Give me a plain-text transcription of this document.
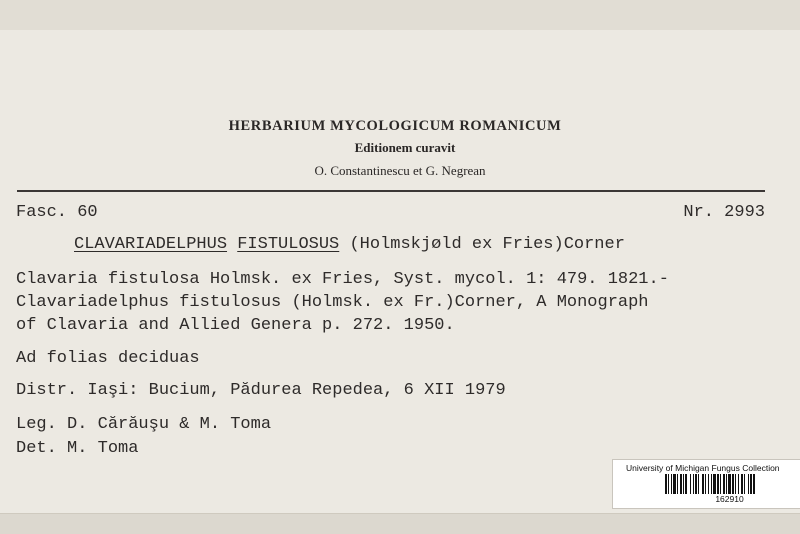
HERBARIUM MYCOLOGICUM ROMANICUM
Editionem curavit
O. Constantinescu et G. Negrean
Fasc. 60	Nr. 2993
CLAVARIADELPHUS FISTULOSUS (Holmskjøld ex Fries)Corner
Clavaria fistulosa Holmsk. ex Fries, Syst. mycol. 1: 479. 1821.-
Clavariadelphus fistulosus (Holmsk. ex Fr.)Corner, A Monograph
of Clavaria and Allied Genera p. 272. 1950.
Ad folias deciduas
Distr. Iaşi: Bucium, Pădurea Repedea, 6 XII 1979
Leg. D. Cărăuşu & M. Toma
Det. M. Toma
University of Michigan Fungus Collection
162910
